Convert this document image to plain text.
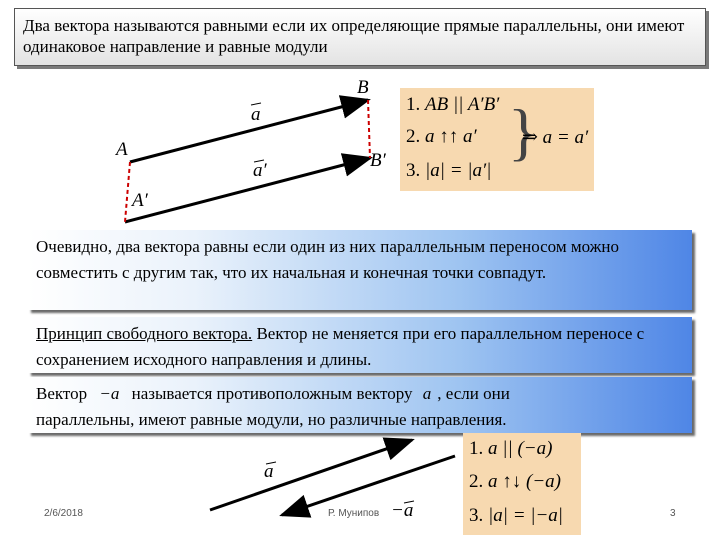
Два вектора называются равными если их определяющие прямые параллельны, они имеют одинаковое направление и равные модули
B
A
A′
B′
a
a′
1. AB || A′B′
2. a ↑↑ a′
3. |a| = |a′|
}
⇒ a = a′
Очевидно, два вектора равны если один из них параллельным переносом можно совместить с другим так, что их начальная и конечная точки совпадут.
Принцип свободного вектора. Вектор не меняется при его параллельном переносе с сохранением исходного направления и длины.
Вектор −a называется противоположным вектору a , если они
параллельны, имеют равные модули, но различные направления.
a
−a
1. a || (−a)
2. a ↑↓ (−a)
3. |a| = |−a|
2/6/2018	Р. Мунипов	3
